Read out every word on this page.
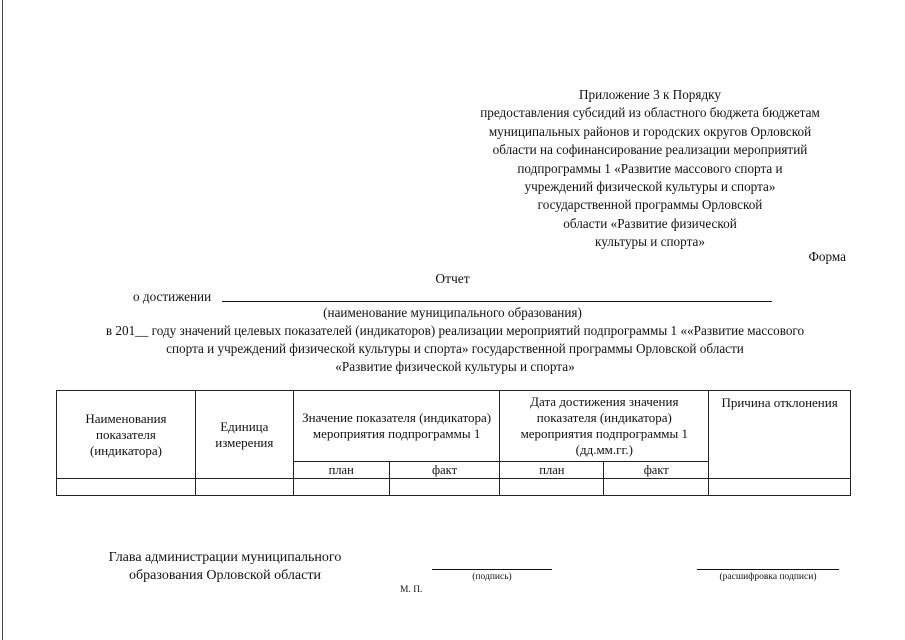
Приложение 3 к Порядку
предоставления субсидий из областного бюджета бюджетам
муниципальных районов и городских округов Орловской
области на софинансирование реализации мероприятий
подпрограммы 1 «Развитие массового спорта и
учреждений физической культуры и спорта»
государственной программы Орловской
области «Развитие физической
культуры и спорта»
Форма
Отчет
о достижении
(наименование муниципального образования)
в 201__ году значений целевых показателей (индикаторов) реализации мероприятий подпрограммы 1 ««Развитие массового
спорта и учреждений физической культуры и спорта» государственной программы Орловской области
«Развитие физической культуры и спорта»
Наименования показателя (индикатора)	Единица измерения	Значение показателя (индикатора) мероприятия подпрограммы 1		Дата достижения значения показателя (индикатора) мероприятия подпрограммы 1 (дд.мм.гг.)		Причина отклонения
		план	факт	план	факт	

Глава администрации муниципального образования Орловской области	(подпись)	(расшифровка подписи)
М. П.
